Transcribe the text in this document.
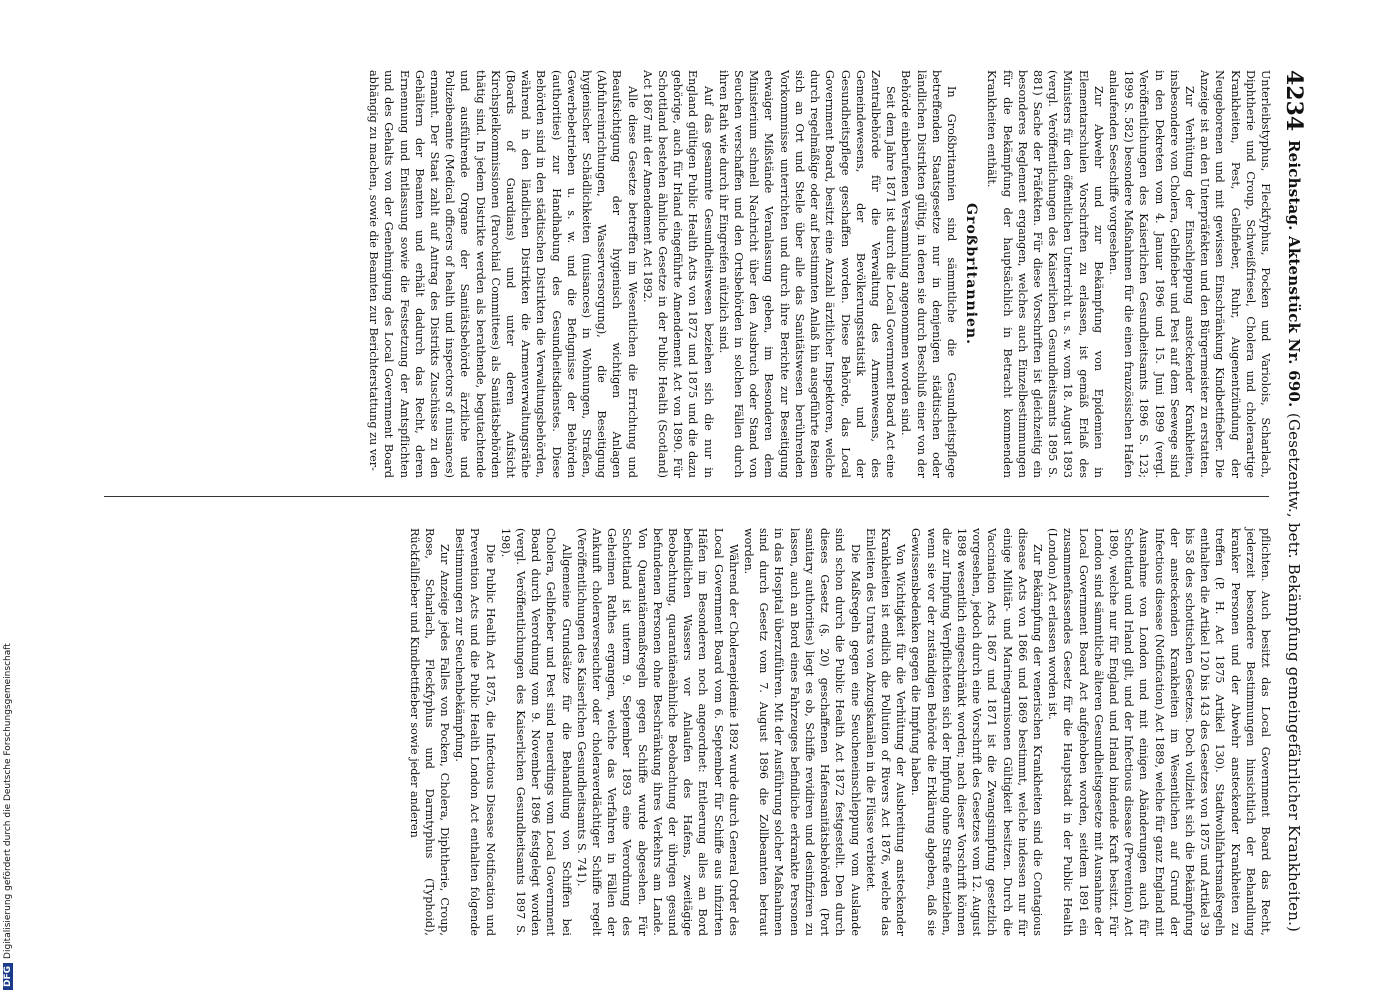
4234
Reichstag. Aktenstück Nr. 690. (Gesetzentw., betr. Bekämpfung gemeingefährlicher Krankheiten.)

Unterleibstyphus, Fleckfyphus, Pocken und Variolois, Scharlach, Diphtherie und Croup, Schweißfriesel, Cholera und choleraartige Krankheiten, Pest, Gelbfieber, Ruhr, Augenentzündung der Neugeborenen und mit gewissen Einschränkung Kindbettfieber. Die Anzeige ist an den Unterpräfekten und den Bürgermeister zu erstatten.

Zur Verhütung der Einschleppung ansteckender Krankheiten, insbesondere von Cholera, Gelbfieber und Pest auf dem Seewege sind in den Dekreten vom 4. Januar 1896 und 15. Juni 1899 (vergl. Veröffentlichungen des Kaiserlichen Gesundheitsamts 1896 S. 123; 1899 S. 582) besondere Maßnahmen für die einen französischen Hafen anlaufenden Seeschiffe vorgesehen.

Zur Abwehr und zur Bekämpfung von Epidemien in Elementarschulen Vorschriften zu erlassen, ist gemäß Erlaß des Ministers für den öffentlichen Unterricht u. s. w. vom 18. August 1893 (vergl. Veröffentlichungen des Kaiserlichen Gesundheitsamts 1895 S. 881) Sache der Präfekten. Für diese Vorschriften ist gleichzeitig ein besonderes Reglement ergangen, welches auch Einzelbestimmungen für die Bekämpfung der hauptsächlich in Betracht kommenden Krankheiten enthält.

Großbritannien.

In Großbritannien sind sämmtliche die Gesundheitspflege betreffenden Staatsgesetze nur in denjenigen städtischen oder ländlichen Distrikten gültig, in denen sie durch Beschluß einer von der Behörde einberufenen Versammlung angenommen worden sind.

Seit dem Jahre 1871 ist durch die Local Government Board Act eine Zentralbehörde für die Verwaltung des Armenwesens, des Gemeindewesens, der Bevölkerungsstatistik und der Gesundheitspflege geschaffen worden. Diese Behörde, das Local Government Board, besitzt eine Anzahl ärztlicher Inspektoren, welche durch regelmäßige oder auf bestimmten Anlaß hin ausgeführte Reisen sich an Ort und Stelle über alle das Sanitätswesen berührenden Vorkommnisse unterrichten und durch ihre Berichte zur Beseitigung etwaiger Mißstände Veranlassung geben, im Besonderen dem Ministerium schnell Nachricht über den Ausbruch oder Stand von Seuchen verschaffen und den Ortsbehörden in solchen Fällen durch ihren Rath wie durch ihr Eingreifen nützlich sind.

Auf das gesammte Gesundheitswesen beziehen sich die nur in England gültigen Public Health Acts von 1872 und 1875 und die dazu gehörige, auch für Irland eingeführte Amendement Act von 1890. Für Schottland bestehen ähnliche Gesetze in der Public Health (Scotland) Act 1867 mit der Amendement Act 1892.

Alle diese Gesetze betreffen im Wesentlichen die Errichtung und Beaufsichtigung der hygienisch wichtigen Anlagen (Abfuhreinrichtungen, Wasserversorgung), die Beseitigung hygienischer Schädlichkeiten (nuisances) in Wohnungen, Straßen, Gewerbebetrieben u. s. w. und die Befugnisse der Behörden (authorities) zur Handhabung des Gesundheitsdienstes. Diese Behörden sind in den städtischen Distrikten die Verwaltungsbehörden, während in den ländlichen Distrikten die Armenverwaltungsräthe (Boards of Guardians) und unter deren Aufsicht Kirchspielkommissionen (Parochial Committees) als Sanitätsbehörden thätig sind. In jedem Distrikte werden als berathende, begutachtende und ausführende Organe der Sanitätsbehörde ärztliche und Polizeibeamte (Medical officers of health und inspectors of nuisances) ernannt. Der Staat zahlt auf Antrag des Distrikts Zuschüsse zu den Gehältern der Beamten und erhält dadurch das Recht, deren Ernennung und Entlassung sowie die Festsetzung der Amtspflichten und des Gehalts von der Genehmigung des Local Government Board abhängig zu machen, sowie die Beamten zur Berichterstattung zu ver-

pflichten. Auch besitzt das Local Government Board das Recht, jederzeit besondere Bestimmungen hinsichtlich der Behandlung kranker Personen und der Abwehr ansteckender Krankheiten zu treffen (P. H. Act 1875 Artikel 130). Stadtwohlfahrtsmaßregeln enthalten die Artikel 120 bis 143 des Gesetzes von 1875 und Artikel 39 bis 58 des schottischen Gesetzes. Doch vollzieht sich die Bekämpfung der ansteckenden Krankheiten im Wesentlichen auf Grund der Infectious disease (Notification) Act 1889, welche für ganz England mit Ausnahme von London und mit einigen Abänderungen auch für Schottland und Irland gilt, und der Infectious disease (Prevention) Act 1890, welche nur für England und Irland bindende Kraft besitzt. Für London sind sämmtliche älteren Gesundheitsgesetze mit Ausnahme der Local Government Board Act aufgehoben worden, seitdem 1891 ein zusammenfassendes Gesetz für die Hauptstadt in der Public Health (London) Act erlassen worden ist.

Zur Bekämpfung der venerischen Krankheiten sind die Contagious disease Acts von 1866 und 1869 bestimmt, welche indessen nur für einige Militär- und Marinegarnisonen Gültigkeit besitzen. Durch die Vaccination Acts 1867 und 1871 ist die Zwangsimpfung gesetzlich vorgesehen, jedoch durch eine Vorschrift des Gesetzes vom 12. August 1898 wesentlich eingeschränkt worden; nach dieser Vorschrift können die zur Impfung Verpflichteten sich der Impfung ohne Strafe entziehen, wenn sie vor der zuständigen Behörde die Erklärung abgeben, daß sie Gewissensbedenken gegen die Impfung haben.

Von Wichtigkeit für die Verhütung der Ausbreitung ansteckender Krankheiten ist endlich die Pollution of Rivers Act 1876, welche das Einleiten des Unrats von Abzugskanälen in die Flüsse verbietet.

Die Maßregeln gegen eine Seucheneinschleppung vom Auslande sind schon durch die Public Health Act 1872 festgestellt. Den durch dieses Gesetz (§. 20) geschaffenen Hafensanitätsbehörden (Port sanitary authorities) liegt es ob, Schiffe revidiren und desinfiziren zu lassen, auch an Bord eines Fahrzeuges befindliche erkrankte Personen in das Hospital überzuführen. Mit der Ausführung solcher Maßnahmen sind durch Gesetz vom 7. August 1896 die Zollbeamten betraut worden.

Während der Choleraepidemie 1892 wurde durch General Order des Local Government Board vom 6. September für Schiffe aus infizirten Häfen im Besonderen noch angeordnet: Entleerung alles an Bord befindlichen Wassers vor Anlaufen des Hafens, zweitägige Beobachtung, quarantäneähnliche Beobachtung der übrigen gesund befundenen Personen ohne Beschränkung ihres Verkehrs am Lande. Von Quarantänemaßregeln gegen Schiffe wurde abgesehen. Für Schottland ist unterm 9. September 1893 eine Verordnung des Geheimen Rathes ergangen, welche das Verfahren in Fällen der Ankunft choleraverseuchter oder choleraverdächtiger Schiffe regelt (Veröffentlichungen des Kaiserlichen Gesundheitsamts S. 741).

Allgemeine Grundsätze für die Behandlung von Schiffen bei Cholera, Gelbfieber und Pest sind neuerdings vom Local Government Board durch Verordnung vom 9. November 1896 festgelegt worden (vergl. Veröffentlichungen des Kaiserlichen Gesundheitsamts 1897 S. 198).

Die Public Health Act 1875, die Infectious Disease Notification und Prevention Acts und die Public Health London Act enthalten folgende Bestimmungen zur Seuchenbekämpfung.

Zur Anzeige jedes Falles von Pocken, Cholera, Diphtherie, Croup, Rose, Scharlach, Fleckfyphus und Darmtyphus (Typhoid), Rückfallfieber und Kindbettfieber sowie jeder anderen

DFGDigitalisierung gefördert durch die Deutsche Forschungsgemeinschaft
